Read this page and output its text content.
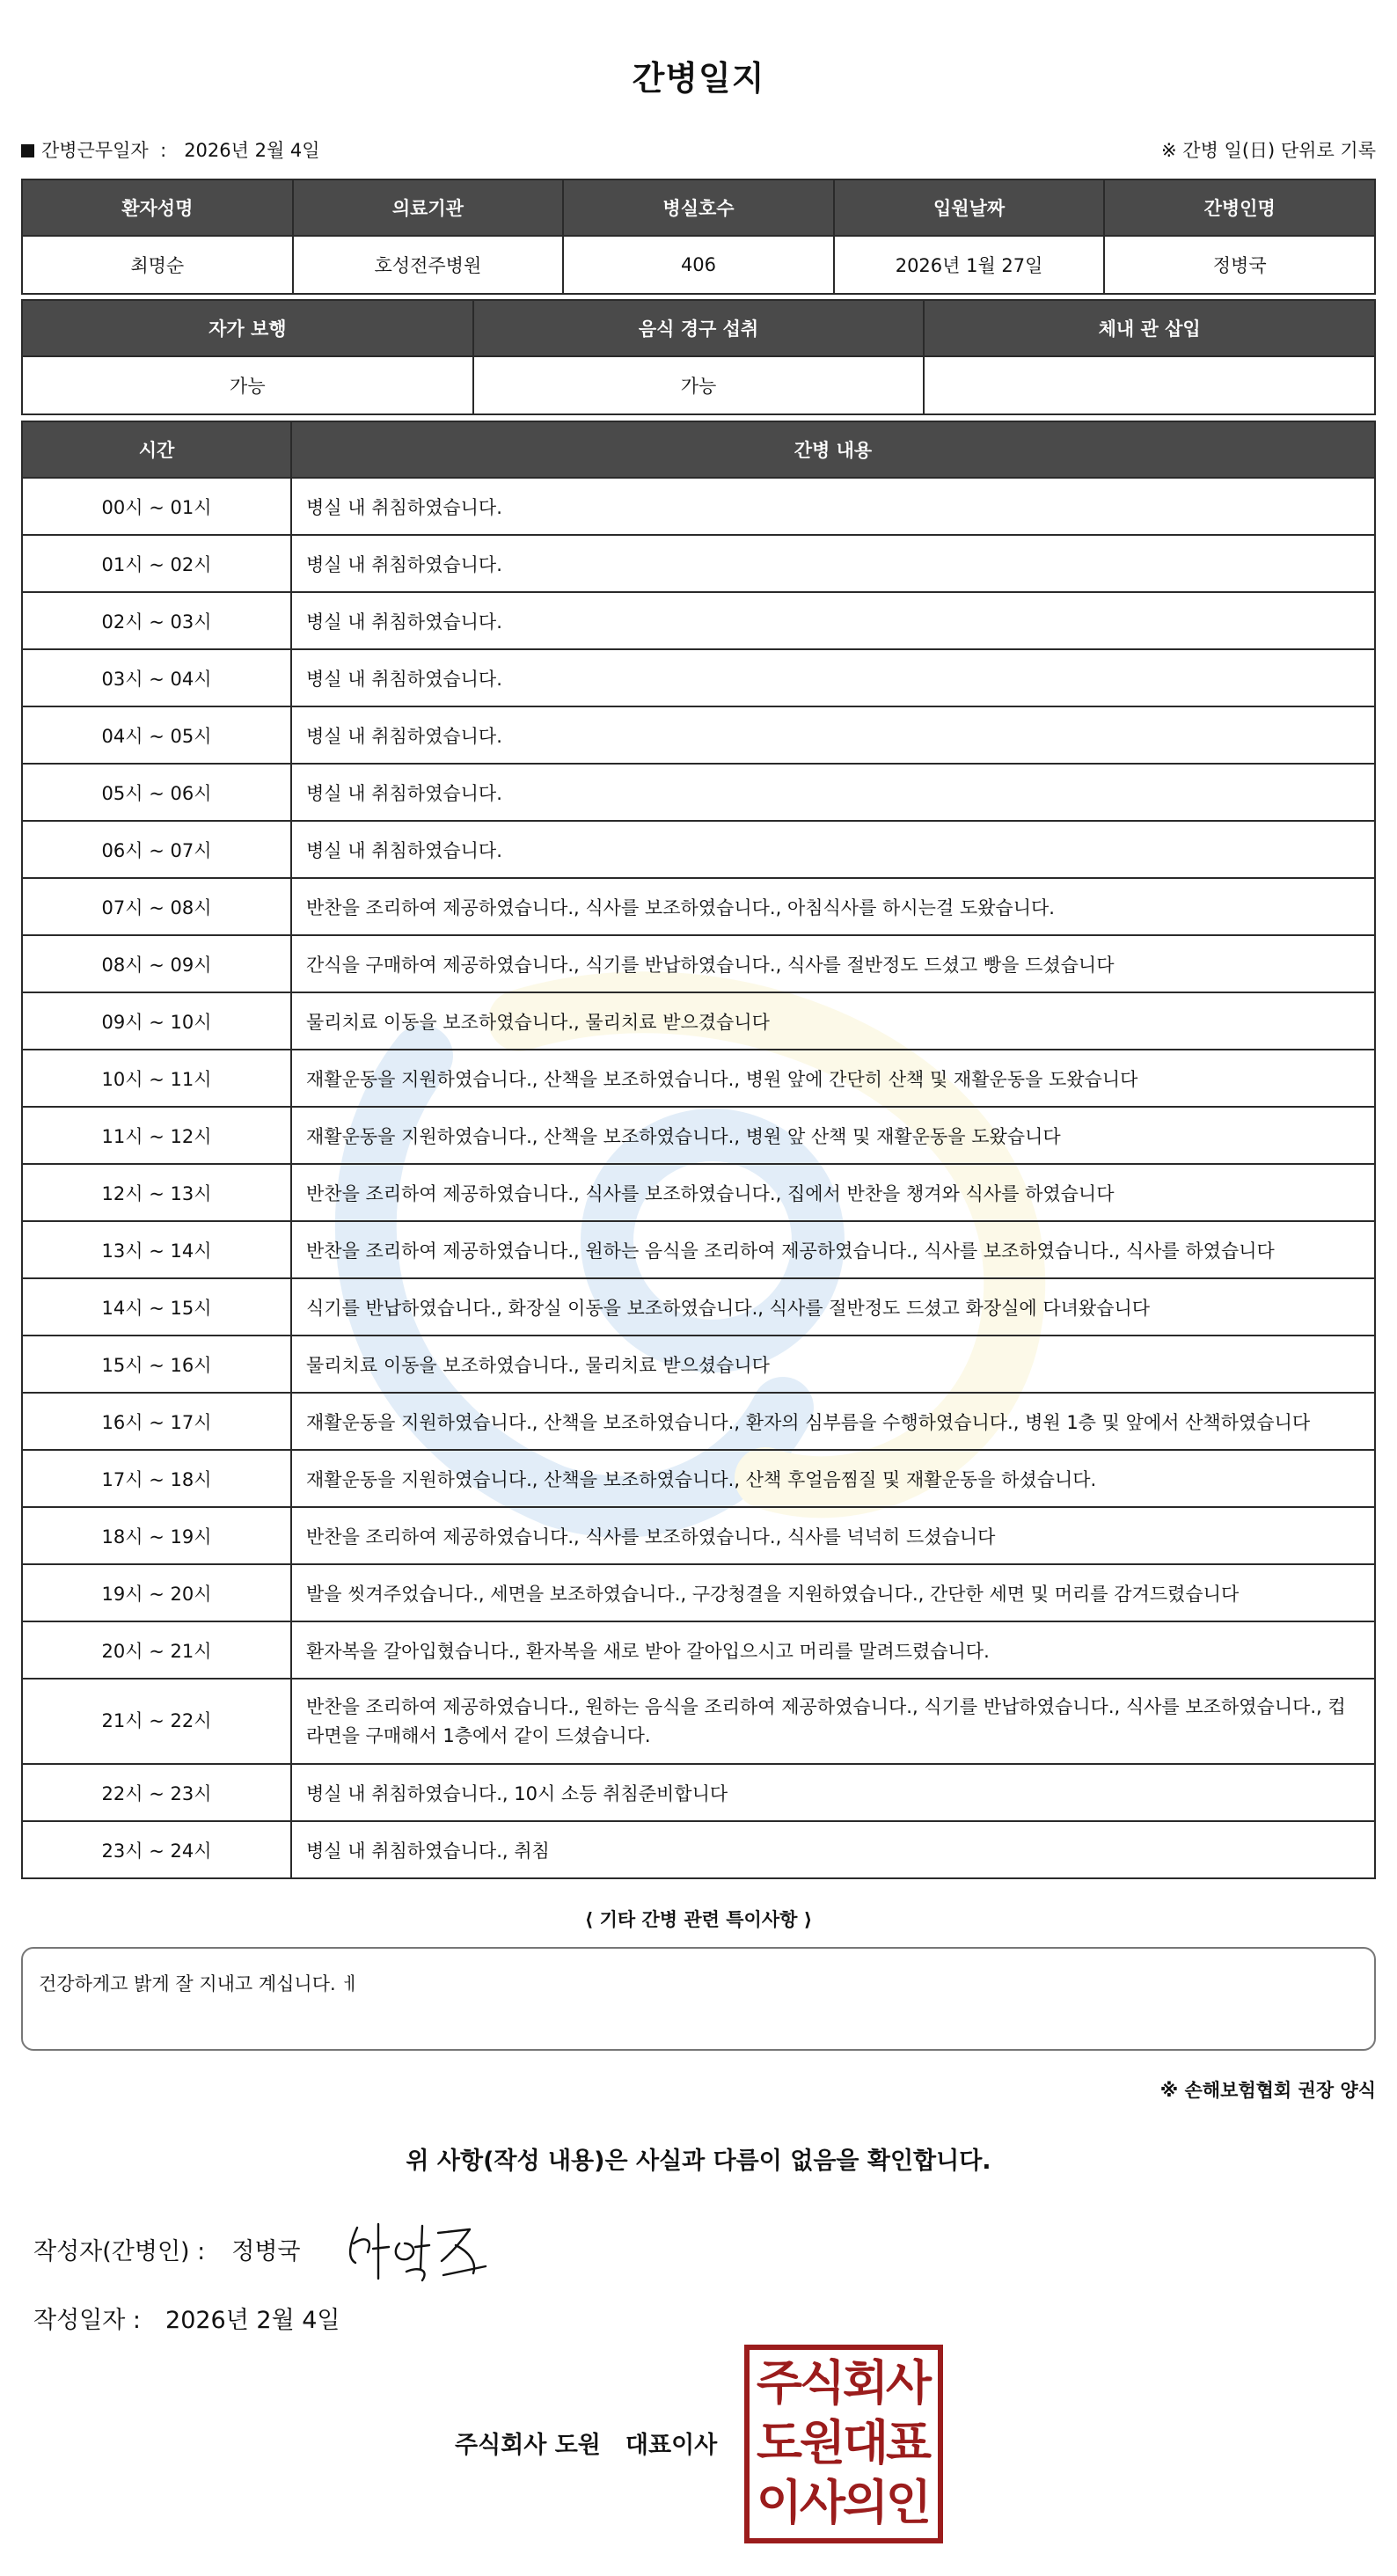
간병일지
간병근무일자 : 2026년 2월 4일	※ 간병 일(日) 단위로 기록
환자성명	의료기관	병실호수	입원날짜	간병인명
최명순	호성전주병원	406	2026년 1월 27일	정병국
자가 보행	음식 경구 섭취	체내 관 삽입
가능	가능	
시간	간병 내용
00시 ~ 01시	병실 내 취침하였습니다.
01시 ~ 02시	병실 내 취침하였습니다.
02시 ~ 03시	병실 내 취침하였습니다.
03시 ~ 04시	병실 내 취침하였습니다.
04시 ~ 05시	병실 내 취침하였습니다.
05시 ~ 06시	병실 내 취침하였습니다.
06시 ~ 07시	병실 내 취침하였습니다.
07시 ~ 08시	반찬을 조리하여 제공하였습니다., 식사를 보조하였습니다., 아침식사를 하시는걸 도왔습니다.
08시 ~ 09시	간식을 구매하여 제공하였습니다., 식기를 반납하였습니다., 식사를 절반정도 드셨고 빵을 드셨습니다
09시 ~ 10시	물리치료 이동을 보조하였습니다., 물리치료 받으겼습니다
10시 ~ 11시	재활운동을 지원하였습니다., 산책을 보조하였습니다., 병원 앞에 간단히 산책 및 재활운동을 도왔습니다
11시 ~ 12시	재활운동을 지원하였습니다., 산책을 보조하였습니다., 병원 앞 산책 및 재활운동을 도왔습니다
12시 ~ 13시	반찬을 조리하여 제공하였습니다., 식사를 보조하였습니다., 집에서 반찬을 챙겨와 식사를 하였습니다
13시 ~ 14시	반찬을 조리하여 제공하였습니다., 원하는 음식을 조리하여 제공하였습니다., 식사를 보조하였습니다., 식사를 하였습니다
14시 ~ 15시	식기를 반납하였습니다., 화장실 이동을 보조하였습니다., 식사를 절반정도 드셨고 화장실에 다녀왔습니다
15시 ~ 16시	물리치료 이동을 보조하였습니다., 물리치료 받으셨습니다
16시 ~ 17시	재활운동을 지원하였습니다., 산책을 보조하였습니다., 환자의 심부름을 수행하였습니다., 병원 1층 및 앞에서 산책하였습니다
17시 ~ 18시	재활운동을 지원하였습니다., 산책을 보조하였습니다., 산책 후얼음찜질 및 재활운동을 하셨습니다.
18시 ~ 19시	반찬을 조리하여 제공하였습니다., 식사를 보조하였습니다., 식사를 넉넉히 드셨습니다
19시 ~ 20시	발을 씻겨주었습니다., 세면을 보조하였습니다., 구강청결을 지원하였습니다., 간단한 세면 및 머리를 감겨드렸습니다
20시 ~ 21시	환자복을 갈아입혔습니다., 환자복을 새로 받아 갈아입으시고 머리를 말려드렸습니다.
21시 ~ 22시	반찬을 조리하여 제공하였습니다., 원하는 음식을 조리하여 제공하였습니다., 식기를 반납하였습니다., 식사를 보조하였습니다., 컵라면을 구매해서 1층에서 같이 드셨습니다.
22시 ~ 23시	병실 내 취침하였습니다., 10시 소등 취침준비합니다
23시 ~ 24시	병실 내 취침하였습니다., 취침
⟨ 기타 간병 관련 특이사항 ⟩
건강하게고 밝게 잘 지내고 계십니다. ㅔ
※ 손해보험협회 권장 양식
위 사항(작성 내용)은 사실과 다름이 없음을 확인합니다.
작성자(간병인) : 정병국
작성일자 : 2026년 2월 4일
주식회사 도원 대표이사
주
식
회
사
도
원
대
표
이
사
의
인
